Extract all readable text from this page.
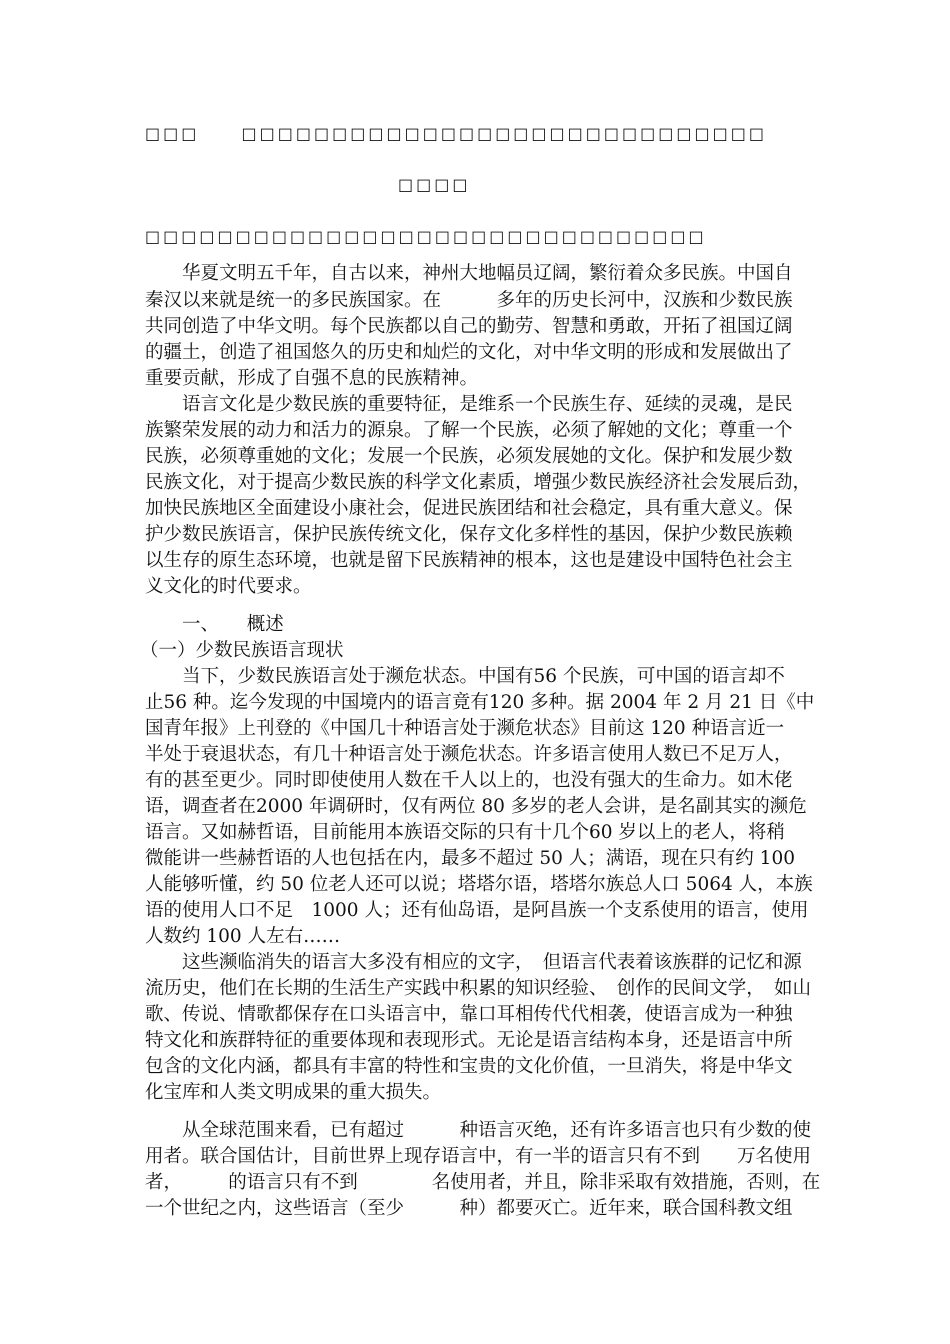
□□□	□□□□□□□□□□□□□□□□□□□□□□□□□□□□□
□□□□
□□□□□□□□□□□□□□□□□□□□□□□□□□□□□□□
　　华夏文明五千年，自古以来，神州大地幅员辽阔，繁衍着众多民族。中国自
秦汉以来就是统一的多民族国家。在　　　多年的历史长河中，汉族和少数民族
共同创造了中华文明。每个民族都以自己的勤劳、智慧和勇敢，开拓了祖国辽阔
的疆土，创造了祖国悠久的历史和灿烂的文化，对中华文明的形成和发展做出了
重要贡献，形成了自强不息的民族精神。
　　语言文化是少数民族的重要特征，是维系一个民族生存、延续的灵魂，是民
族繁荣发展的动力和活力的源泉。了解一个民族，必须了解她的文化；尊重一个
民族，必须尊重她的文化；发展一个民族，必须发展她的文化。保护和发展少数
民族文化，对于提高少数民族的科学文化素质，增强少数民族经济社会发展后劲，
加快民族地区全面建设小康社会，促进民族团结和社会稳定，具有重大意义。保
护少数民族语言，保护民族传统文化，保存文化多样性的基因，保护少数民族赖
以生存的原生态环境，也就是留下民族精神的根本，这也是建设中国特色社会主
义文化的时代要求。
　　一、　　概述
（一）少数民族语言现状
　　当下，少数民族语言处于濒危状态。中国有56 个民族，可中国的语言却不
止56 种。迄今发现的中国境内的语言竟有120 多种。据 2004 年 2 月 21 日《中
国青年报》上刊登的《中国几十种语言处于濒危状态》目前这 120 种语言近一
半处于衰退状态，有几十种语言处于濒危状态。许多语言使用人数已不足万人，
有的甚至更少。同时即使使用人数在千人以上的，也没有强大的生命力。如木佬
语，调查者在2000 年调研时，仅有两位 80 多岁的老人会讲，是名副其实的濒危
语言。又如赫哲语，目前能用本族语交际的只有十几个60 岁以上的老人，将稍
微能讲一些赫哲语的人也包括在内，最多不超过 50 人；满语，现在只有约 100
人能够听懂，约 50 位老人还可以说；塔塔尔语，塔塔尔族总人口 5064 人，本族
语的使用人口不足　1000 人；还有仙岛语，是阿昌族一个支系使用的语言，使用
人数约 100 人左右……
　　这些濒临消失的语言大多没有相应的文字，　但语言代表着该族群的记忆和源
流历史，他们在长期的生活生产实践中积累的知识经验、　创作的民间文学，　如山
歌、传说、情歌都保存在口头语言中，靠口耳相传代代相袭，使语言成为一种独
特文化和族群特征的重要体现和表现形式。无论是语言结构本身，还是语言中所
包含的文化内涵，都具有丰富的特性和宝贵的文化价值，一旦消失，将是中华文
化宝库和人类文明成果的重大损失。
　　从全球范围来看，已有超过　　　种语言灭绝，还有许多语言也只有少数的使
用者。联合国估计，目前世界上现存语言中，有一半的语言只有不到　　万名使用
者，　　　的语言只有不到　　　　名使用者，并且，除非采取有效措施，否则，在
一个世纪之内，这些语言（至少　　　种）都要灭亡。近年来，联合国科教文组
